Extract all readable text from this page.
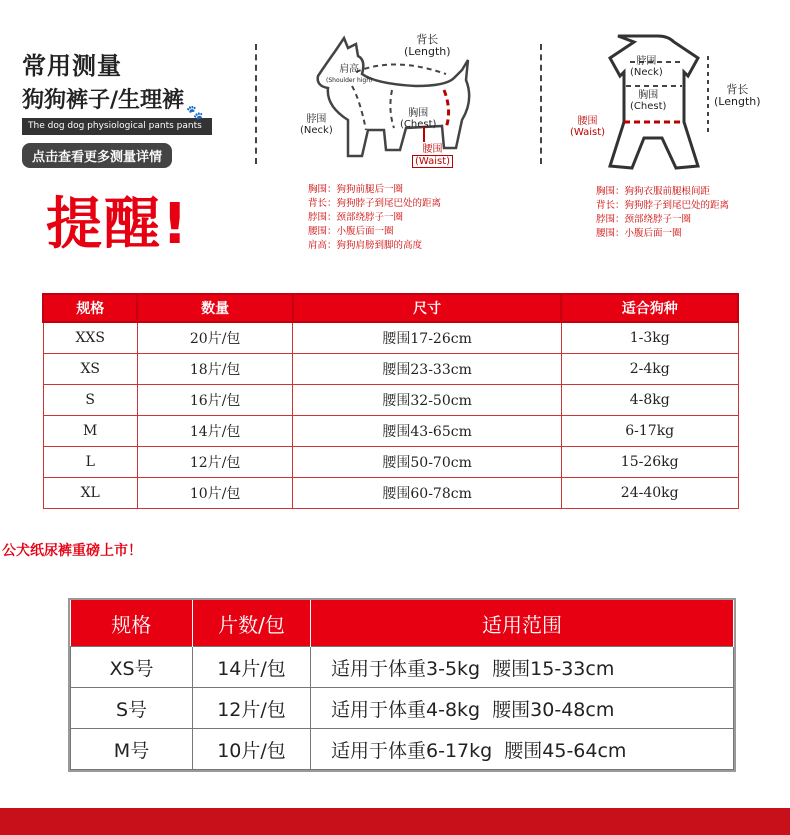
常用测量
狗狗裤子/生理裤
The dog dog physiological pants pants
点击查看更多测量详情
🐾
提醒!
背长
(Length)
肩高
(Shoulder high)
脖围
(Neck)
胸围
(Chest)
腰围
(Waist)
胸围：狗狗前腿后一圈
背长：狗狗脖子到尾巴处的距离
脖围：颈部绕脖子一圈
腰围：小腹后面一圈
肩高：狗狗肩膀到脚的高度
脖围
(Neck)
胸围
(Chest)
背长
(Length)
腰围
(Waist)
胸围：狗狗衣服前腿根间距
背长：狗狗脖子到尾巴处的距离
脖围：颈部绕脖子一圈
腰围：小腹后面一圈
规格	数量	尺寸	适合狗种
XXS	20片/包	腰围17-26cm	1-3kg
XS	18片/包	腰围23-33cm	2-4kg
S	16片/包	腰围32-50cm	4-8kg
M	14片/包	腰围43-65cm	6-17kg
L	12片/包	腰围50-70cm	15-26kg
XL	10片/包	腰围60-78cm	24-40kg
公犬纸尿裤重磅上市！
规格	片数/包	适用范围
XS号	14片/包	适用于体重3-5kg  腰围15-33cm
S号	12片/包	适用于体重4-8kg  腰围30-48cm
M号	10片/包	适用于体重6-17kg  腰围45-64cm
